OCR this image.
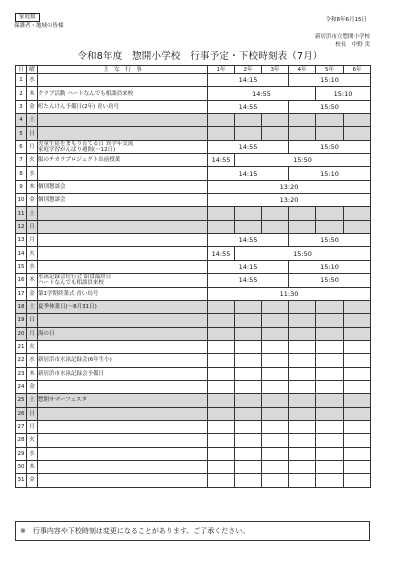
家庭数
保護者・地域の皆様
令和8年6月15日
新居浜市立惣開小学校
校長　中野 実
令和8年度　惣開小学校　行事予定・下校時刻表（7月）
日	曜	主　な　行　事	1年	2年	3年	4年	5年	6年
1	水		14:15			15:10		
2	木	クラブ活動 ハートなんでも相談員来校	14:55				15:10	
3	金	町たんけん予備日(2年) 青い鳥号	14:55			15:50		
4	土							
5	日							
6	月	児童生徒をまもり育てる日 異学年交流
家庭学習がんばり週間(～12日)	14:55			15:50		
7	火	服のチカラプロジェクト出前授業	14:55	15:50				
8	水		14:15			15:10		
9	木	個別懇談会	13:20					
10	金	個別懇談会	13:20					
11	土							
12	日							
13	月		14:55			15:50		
14	火		14:55	15:50				
15	水		14:15			15:10		
16	木	水泳記録会壮行会 給食最終日
ハートなんでも相談員来校	14:55			15:50		
17	金	第1学期終業式 青い鳥号	11:30					
18	土	夏季休業日(～8月31日)						

19	日							
20	月	海の日						

21	火							
22	水	新居浜市水泳記録会(6年生小)						

23	木	新居浜市水泳記録会予備日						

24	金							
25	土	惣開サマーフェスタ						

26	日							
27	月							
28	火							
29	水							
30	木							
31	金							
※　行事内容や下校時刻は変更になることがあります。ご了承ください。
